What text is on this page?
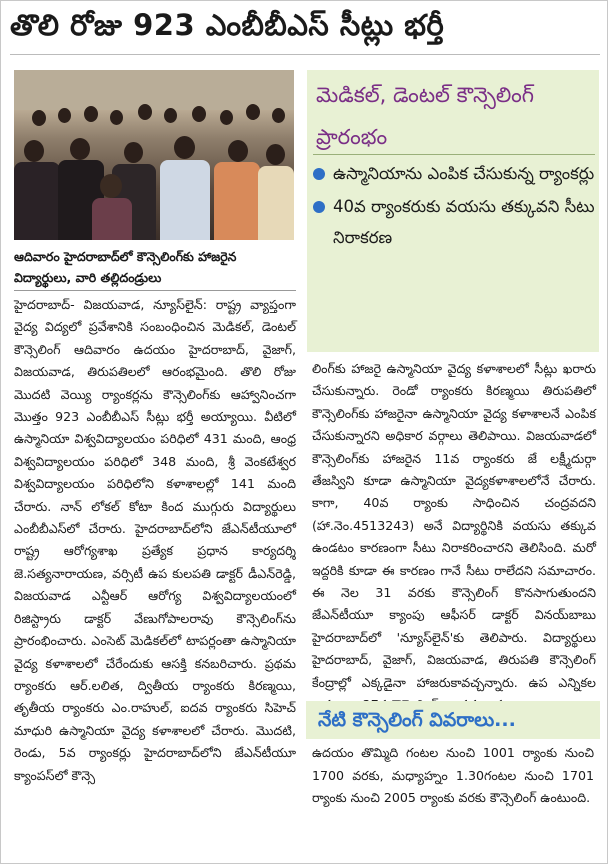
తొలి రోజు 923 ఎంబీబీఎస్ సీట్లు భర్తీ
ఆదివారం హైదరాబాద్‌లో కౌన్సెలింగ్‌కు హాజరైన విద్యార్థులు, వారి తల్లిదండ్రులు
మెడికల్, డెంటల్ కౌన్సెలింగ్ ప్రారంభం
ఉస్మానియాను ఎంపిక చేసుకున్న ర్యాంకర్లు
40వ ర్యాంకరుకు వయసు తక్కువని సీటు నిరాకరణ

హైదరాబాద్- విజయవాడ, న్యూస్‌లైన్: రాష్ట్ర వ్యాప్తంగా వైద్య విద్యలో ప్రవేశానికి సంబంధించిన మెడికల్, డెంటల్ కౌన్సెలింగ్ ఆదివారం ఉదయం హైదరాబాద్, వైజాగ్, విజయవాడ, తిరుపతిలలో ఆరంభమైంది. తొలి రోజు మొదటి వెయ్యి ర్యాంకర్లను కౌన్సెలింగ్‌కు ఆహ్వానించగా మొత్తం 923 ఎంబీబీఎస్ సీట్లు భర్తీ అయ్యాయి. వీటిలో ఉస్మానియా విశ్వవిద్యాలయం పరిధిలో 431 మంది, ఆంధ్ర విశ్వవిద్యాలయం పరిధిలో 348 మంది, శ్రీ వెంకటేశ్వర విశ్వవిద్యాలయం పరిధిలోని కళాశాలల్లో 141 మంది చేరారు. నాన్ లోకల్ కోటా కింద ముగ్గురు విద్యార్థులు ఎంబీబీఎస్‌లో చేరారు. హైదరాబాద్‌లోని జేఎన్‌టీయూలో రాష్ట్ర ఆరోగ్యశాఖ ప్రత్యేక ప్రధాన కార్యదర్శి జె.సత్యనారాయణ, వర్సిటీ ఉప కులపతి డాక్టర్ డీఎన్‌రెడ్డి, విజయవాడ ఎన్టీఆర్ ఆరోగ్య విశ్వవిద్యాలయంలో రిజిస్ట్రారు డాక్టర్ వేణుగోపాలరావు కౌన్సెలింగ్‌ను ప్రారంభించారు. ఎంసెట్ మెడికల్‌లో టాపర్లంతా ఉస్మానియా వైద్య కళాశాలలో చేరేందుకు ఆసక్తి కనబరిచారు. ప్రథమ ర్యాంకరు ఆర్.లలిత, ద్వితీయ ర్యాంకరు కిరణ్మయి, తృతీయ ర్యాంకరు ఎం.రాహుల్, ఐదవ ర్యాంకరు సిహెచ్ మాధురి ఉస్మానియా వైద్య కళాశాలలో చేరారు. మొదటి, రెండు, 5వ ర్యాంకర్లు హైదరాబాద్‌లోని జేఎన్‌టీయూ క్యాంపస్‌లో కౌన్సె

లింగ్‌కు హాజరై ఉస్మానియా వైద్య కళాశాలలో సీట్లు ఖరారు చేసుకున్నారు. రెండో ర్యాంకరు కిరణ్మయి తిరుపతిలో కౌన్సెలింగ్‌కు హాజరైనా ఉస్మానియా వైద్య కళాశాలనే ఎంపిక చేసుకున్నారని అధికార వర్గాలు తెలిపాయి. విజయవాడలో కౌన్సెలింగ్‌కు హాజరైన 11వ ర్యాంకరు జే లక్ష్మీదుర్గా తేజస్విని కూడా ఉస్మానియా వైద్యకళాశాలలోనే చేరారు. కాగా, 40వ ర్యాంకు సాధించిన చంద్రవదని (హా.నెం.4513243) అనే విద్యార్థినికి వయసు తక్కువ ఉండటం కారణంగా సీటు నిరాకరించారని తెలిసింది. మరో ఇద్దరికి కూడా ఈ కారణం గానే సీటు రాలేదని సమాచారం. ఈ నెల 31 వరకు కౌన్సెలింగ్ కొనసాగుతుందని జేఎన్‌టీయూ క్యాంపు ఆఫీసర్ డాక్టర్ వినయ్‌బాబు హైదరాబాద్‌లో 'న్యూస్‌లైన్'కు తెలిపారు. విద్యార్థులు హైదరాబాద్, వైజాగ్, విజయవాడ, తిరుపతి కౌన్సెలింగ్ కేంద్రాల్లో ఎక్కడైనా హాజరుకావచ్చన్నారు. ఉప ఎన్నికల

నేటి కౌన్సెలింగ్ వివరాలు...
ఉదయం తొమ్మిది గంటల నుంచి 1001 ర్యాంకు నుంచి 1700 వరకు, మధ్యాహ్నం 1.30గంటల నుంచి 1701 ర్యాంకు నుంచి 2005 ర్యాంకు వరకు కౌన్సెలింగ్ ఉంటుంది.
